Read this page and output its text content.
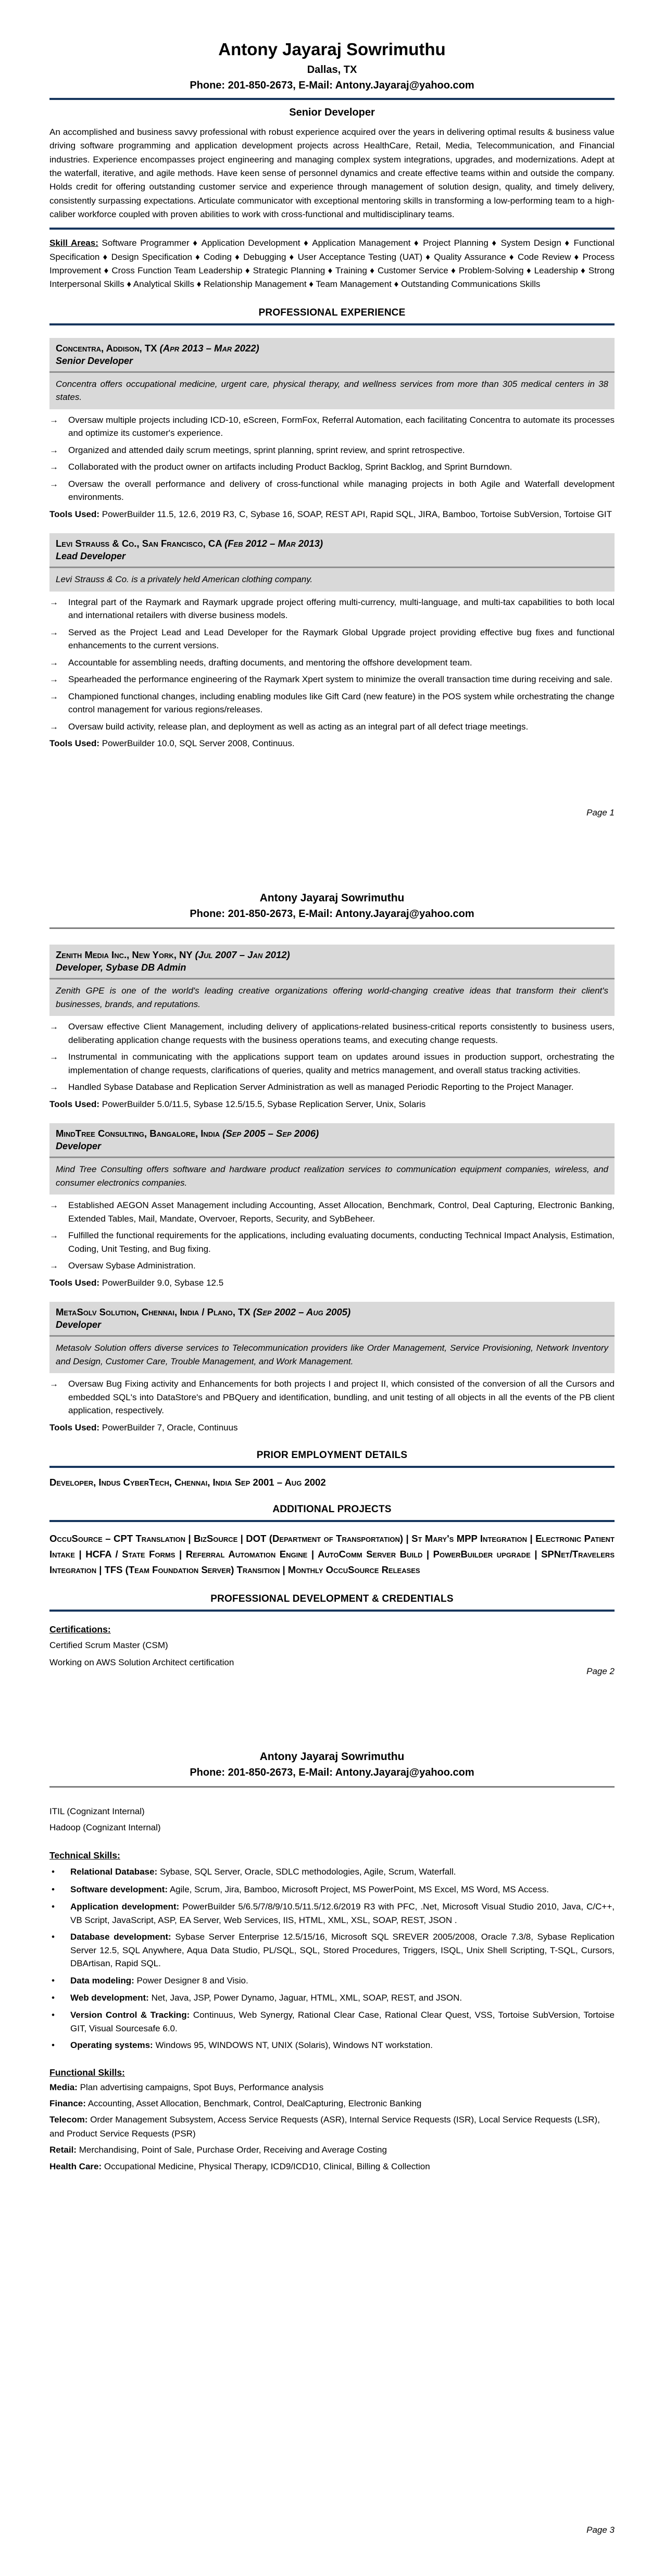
Antony Jayaraj Sowrimuthu
Dallas, TX
Phone: 201-850-2673, E-Mail: Antony.Jayaraj@yahoo.com
Senior Developer

An accomplished and business savvy professional with robust experience acquired over the years in delivering optimal results & business value driving software programming and application development projects across HealthCare, Retail, Media, Telecommunication, and Financial industries. Experience encompasses project engineering and managing complex system integrations, upgrades, and modernizations. Adept at the waterfall, iterative, and agile methods. Have keen sense of personnel dynamics and create effective teams within and outside the company. Holds credit for offering outstanding customer service and experience through management of solution design, quality, and timely delivery, consistently surpassing expectations. Articulate communicator with exceptional mentoring skills in transforming a low-performing team to a high-caliber workforce coupled with proven abilities to work with cross-functional and multidisciplinary teams.

Skill Areas: Software Programmer ♦ Application Development ♦ Application Management ♦ Project Planning ♦ System Design ♦ Functional Specification ♦ Design Specification ♦ Coding ♦ Debugging ♦ User Acceptance Testing (UAT) ♦ Quality Assurance ♦ Code Review ♦ Process Improvement ♦ Cross Function Team Leadership ♦ Strategic Planning ♦ Training ♦ Customer Service ♦ Problem-Solving ♦ Leadership ♦ Strong Interpersonal Skills ♦ Analytical Skills ♦ Relationship Management ♦ Team Management ♦ Outstanding Communications Skills

PROFESSIONAL EXPERIENCE
Concentra, Addison, TX (Apr 2013 – Mar 2022)
Senior Developer
Concentra offers occupational medicine, urgent care, physical therapy, and wellness services from more than 305 medical centers in 38 states.
→	Oversaw multiple projects including ICD-10, eScreen, FormFox, Referral Automation, each facilitating Concentra to automate its processes and optimize its customer's experience.
→	Organized and attended daily scrum meetings, sprint planning, sprint review, and sprint retrospective.
→	Collaborated with the product owner on artifacts including Product Backlog, Sprint Backlog, and Sprint Burndown.
→	Oversaw the overall performance and delivery of cross-functional while managing projects in both Agile and Waterfall development environments.
Tools Used: PowerBuilder 11.5, 12.6, 2019 R3, C, Sybase 16, SOAP, REST API, Rapid SQL, JIRA, Bamboo, Tortoise SubVersion, Tortoise GIT
Levi Strauss & Co., San Francisco, CA (Feb 2012 – Mar 2013)
Lead Developer
Levi Strauss & Co. is a privately held American clothing company.
→	Integral part of the Raymark and Raymark upgrade project offering multi-currency, multi-language, and multi-tax capabilities to both local and international retailers with diverse business models.
→	Served as the Project Lead and Lead Developer for the Raymark Global Upgrade project providing effective bug fixes and functional enhancements to the current versions.
→	Accountable for assembling needs, drafting documents, and mentoring the offshore development team.
→	Spearheaded the performance engineering of the Raymark Xpert system to minimize the overall transaction time during receiving and sale.
→	Championed functional changes, including enabling modules like Gift Card (new feature) in the POS system while orchestrating the change control management for various regions/releases.
→	Oversaw build activity, release plan, and deployment as well as acting as an integral part of all defect triage meetings.
Tools Used: PowerBuilder 10.0, SQL Server 2008, Continuus.
Page 1
Antony Jayaraj Sowrimuthu
Phone: 201-850-2673, E-Mail: Antony.Jayaraj@yahoo.com
Zenith Media Inc., New York, NY (Jul 2007 – Jan 2012)
Developer, Sybase DB Admin
Zenith GPE is one of the world's leading creative organizations offering world-changing creative ideas that transform their client's businesses, brands, and reputations.
→	Oversaw effective Client Management, including delivery of applications-related business-critical reports consistently to business users, deliberating application change requests with the business operations teams, and executing change requests.
→	Instrumental in communicating with the applications support team on updates around issues in production support, orchestrating the implementation of change requests, clarifications of queries, quality and metrics management, and overall status tracking activities.
→	Handled Sybase Database and Replication Server Administration as well as managed Periodic Reporting to the Project Manager.
Tools Used: PowerBuilder 5.0/11.5, Sybase 12.5/15.5, Sybase Replication Server, Unix, Solaris
MindTree Consulting, Bangalore, India (Sep 2005 – Sep 2006)
Developer
Mind Tree Consulting offers software and hardware product realization services to communication equipment companies, wireless, and consumer electronics companies.
→	Established AEGON Asset Management including Accounting, Asset Allocation, Benchmark, Control, Deal Capturing, Electronic Banking, Extended Tables, Mail, Mandate, Overvoer, Reports, Security, and SybBeheer.
→	Fulfilled the functional requirements for the applications, including evaluating documents, conducting Technical Impact Analysis, Estimation, Coding, Unit Testing, and Bug fixing.
→	Oversaw Sybase Administration.
Tools Used: PowerBuilder 9.0, Sybase 12.5
MetaSolv Solution, Chennai, India / Plano, TX (Sep 2002 – Aug 2005)
Developer
Metasolv Solution offers diverse services to Telecommunication providers like Order Management, Service Provisioning, Network Inventory and Design, Customer Care, Trouble Management, and Work Management.
→	Oversaw Bug Fixing activity and Enhancements for both projects I and project II, which consisted of the conversion of all the Cursors and embedded SQL's into DataStore's and PBQuery and identification, bundling, and unit testing of all objects in all the events of the PB client application, respectively.
Tools Used: PowerBuilder 7, Oracle, Continuus
PRIOR EMPLOYMENT DETAILS
Developer, Indus CyberTech, Chennai, India Sep 2001 – Aug 2002
ADDITIONAL PROJECTS
OccuSource – CPT Translation | BizSource | DOT (Department of Transportation) | St Mary's MPP Integration | Electronic Patient Intake | HCFA / State Forms | Referral Automation Engine | AutoComm Server Build | PowerBuilder upgrade | SPNet/Travelers Integration | TFS (Team Foundation Server) Transition | Monthly OccuSource Releases
PROFESSIONAL DEVELOPMENT & CREDENTIALS
Certifications:
Certified Scrum Master (CSM)
Working on AWS Solution Architect certification
Page 2
Antony Jayaraj Sowrimuthu
Phone: 201-850-2673, E-Mail: Antony.Jayaraj@yahoo.com
ITIL (Cognizant Internal)
Hadoop (Cognizant Internal)
Technical Skills:
•	Relational Database: Sybase, SQL Server, Oracle, SDLC methodologies, Agile, Scrum, Waterfall.
•	Software development: Agile, Scrum, Jira, Bamboo, Microsoft Project, MS PowerPoint, MS Excel, MS Word, MS Access.
•	Application development: PowerBuilder 5/6.5/7/8/9/10.5/11.5/12.6/2019 R3 with PFC, .Net, Microsoft Visual Studio 2010, Java, C/C++, VB Script, JavaScript, ASP, EA Server, Web Services, IIS, HTML, XML, XSL, SOAP, REST, JSON .
•	Database development: Sybase Server Enterprise 12.5/15/16, Microsoft SQL SREVER 2005/2008, Oracle 7.3/8, Sybase Replication Server 12.5, SQL Anywhere, Aqua Data Studio, PL/SQL, SQL, Stored Procedures, Triggers, ISQL, Unix Shell Scripting, T-SQL, Cursors, DBArtisan, Rapid SQL.
•	Data modeling: Power Designer 8 and Visio.
•	Web development: Net, Java, JSP, Power Dynamo, Jaguar, HTML, XML, SOAP, REST, and JSON.
•	Version Control & Tracking: Continuus, Web Synergy, Rational Clear Case, Rational Clear Quest, VSS, Tortoise SubVersion, Tortoise GIT, Visual Sourcesafe 6.0.
•	Operating systems: Windows 95, WINDOWS NT, UNIX (Solaris), Windows NT workstation.
Functional Skills:
Media: Plan advertising campaigns, Spot Buys, Performance analysis
Finance: Accounting, Asset Allocation, Benchmark, Control, DealCapturing, Electronic Banking
Telecom: Order Management Subsystem, Access Service Requests (ASR), Internal Service Requests (ISR), Local Service Requests (LSR), and Product Service Requests (PSR)
Retail: Merchandising, Point of Sale, Purchase Order, Receiving and Average Costing
Health Care: Occupational Medicine, Physical Therapy, ICD9/ICD10, Clinical, Billing & Collection
Page 3
